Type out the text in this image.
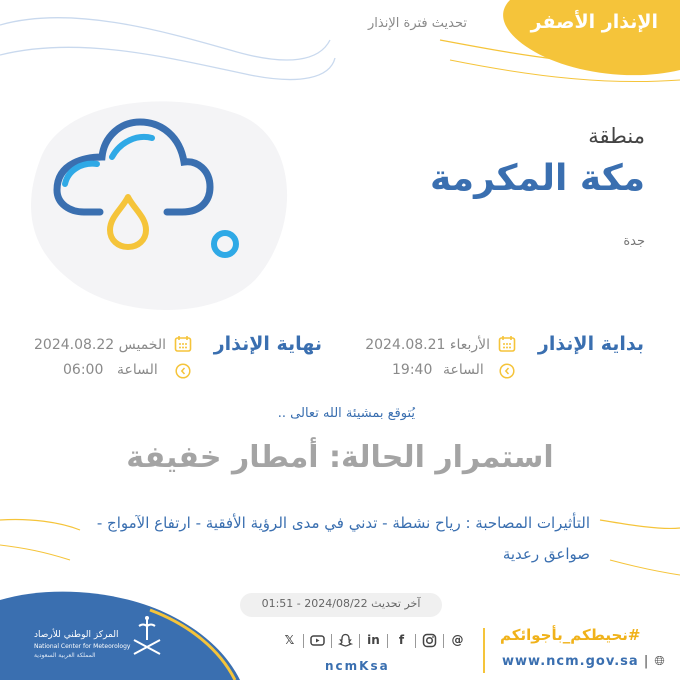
الإنذار الأصفر
تحديث فترة الإنذار
منطقة
مكة المكرمة
جدة
بداية الإنذار
الأربعاء 2024.08.21
19:40 الساعة
نهاية الإنذار
الخميس 2024.08.22
06:00 الساعة
يُتوقع بمشيئة الله تعالى ..
استمرار الحالة: أمطار خفيفة
التأثيرات المصاحبة : رياح نشطة - تدني في مدى الرؤية الأفقية - ارتفاع الآمواج - صواعق رعدية
آخر تحديث 2024/08/22 - 01:51
المركز الوطني للأرصاد
National Center for Meteorology
المملكة العربية السعودية
𝕏	in	f	@
ncmKsa
#نحيطكم_بأجوائكم
www.ncm.gov.sa | 🌐︎
